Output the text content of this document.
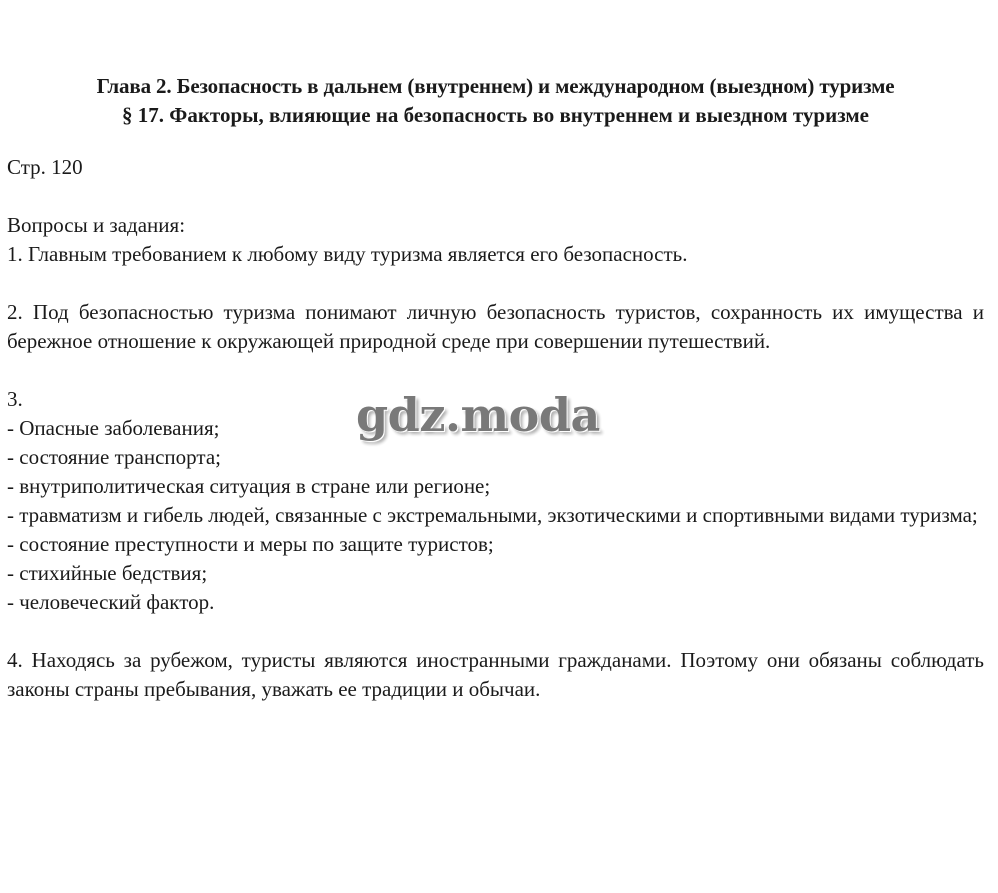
Глава 2. Безопасность в дальнем (внутреннем) и международном (выездном) туризме
§ 17. Факторы, влияющие на безопасность во внутреннем и выездном туризме
Стр. 120
Вопросы и задания:

1. Главным требованием к любому виду туризма является его безопасность.

2. Под безопасностью туризма понимают личную безопасность туристов, сохранность их имущества и бережное отношение к окружающей природной среде при совершении путешествий.

3.
- Опасные заболевания;
- состояние транспорта;
- внутриполитическая ситуация в стране или регионе;
- травматизм и гибель людей, связанные с экстремальными, экзотическими и спортивными видами туризма;
- состояние преступности и меры по защите туристов;
- стихийные бедствия;
- человеческий фактор.

4. Находясь за рубежом, туристы являются иностранными гражданами. Поэтому они обязаны соблюдать законы страны пребывания, уважать ее традиции и обычаи.

gdz.moda
